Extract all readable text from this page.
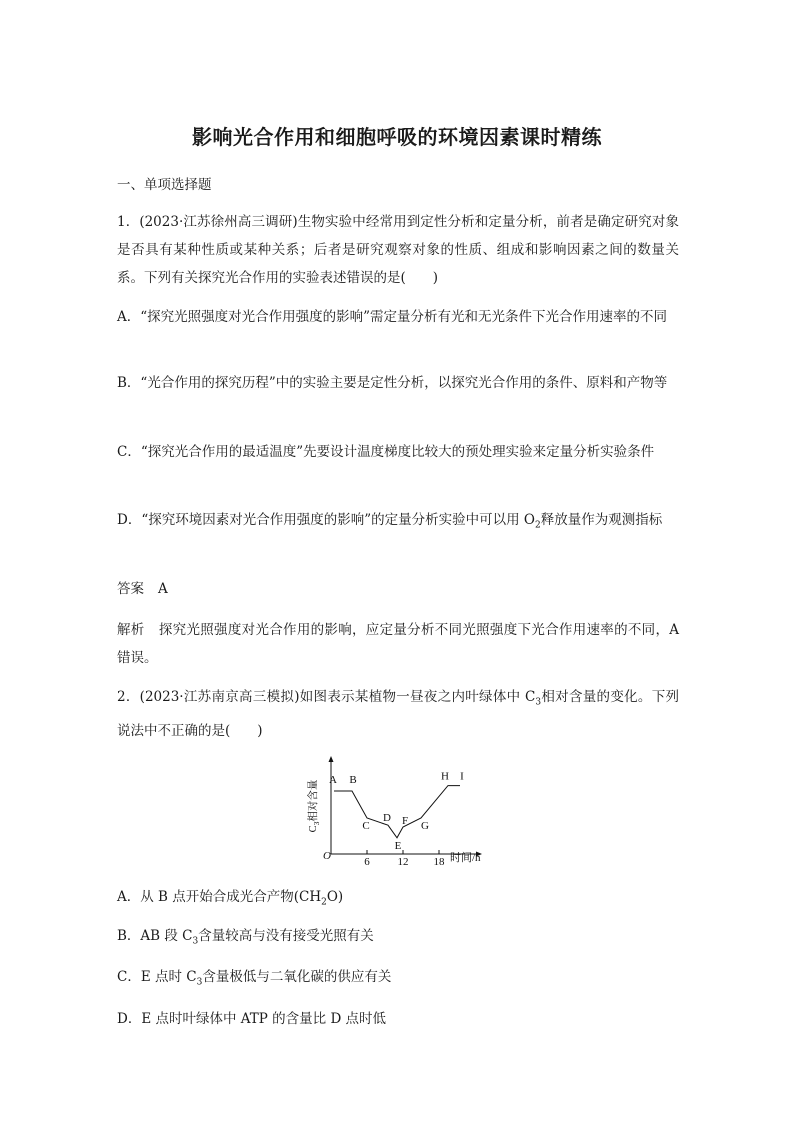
影响光合作用和细胞呼吸的环境因素课时精练
一、单项选择题

1．(2023·江苏徐州高三调研)生物实验中经常用到定性分析和定量分析，前者是确定研究对象是否具有某种性质或某种关系；后者是研究观察对象的性质、组成和影响因素之间的数量关系。下列有关探究光合作用的实验表述错误的是(　　)

A．“探究光照强度对光合作用强度的影响”需定量分析有光和无光条件下光合作用速率的不同

B．“光合作用的探究历程”中的实验主要是定性分析，以探究光合作用的条件、原料和产物等

C．“探究光合作用的最适温度”先要设计温度梯度比较大的预处理实验来定量分析实验条件

D．“探究环境因素对光合作用强度的影响”的定量分析实验中可以用 $O_2$释放量作为观测指标

答案 A

解析 探究光照强度对光合作用的影响，应定量分析不同光照强度下光合作用速率的不同，A错误。

2．(2023·江苏南京高三模拟)如图表示某植物一昼夜之内叶绿体中 $C_3$相对含量的变化。下列说法中不正确的是(　　)

$C_3$相对含量
O	时间/h
6	12 18
A B
C
D
E
F G
H I

A．从 B 点开始合成光合产物$(CH_2O)$

B．AB 段 $C_3$含量较高与没有接受光照有关

C．E 点时 $C_3$含量极低与二氧化碳的供应有关

D．E 点时叶绿体中 ATP 的含量比 D 点时低
